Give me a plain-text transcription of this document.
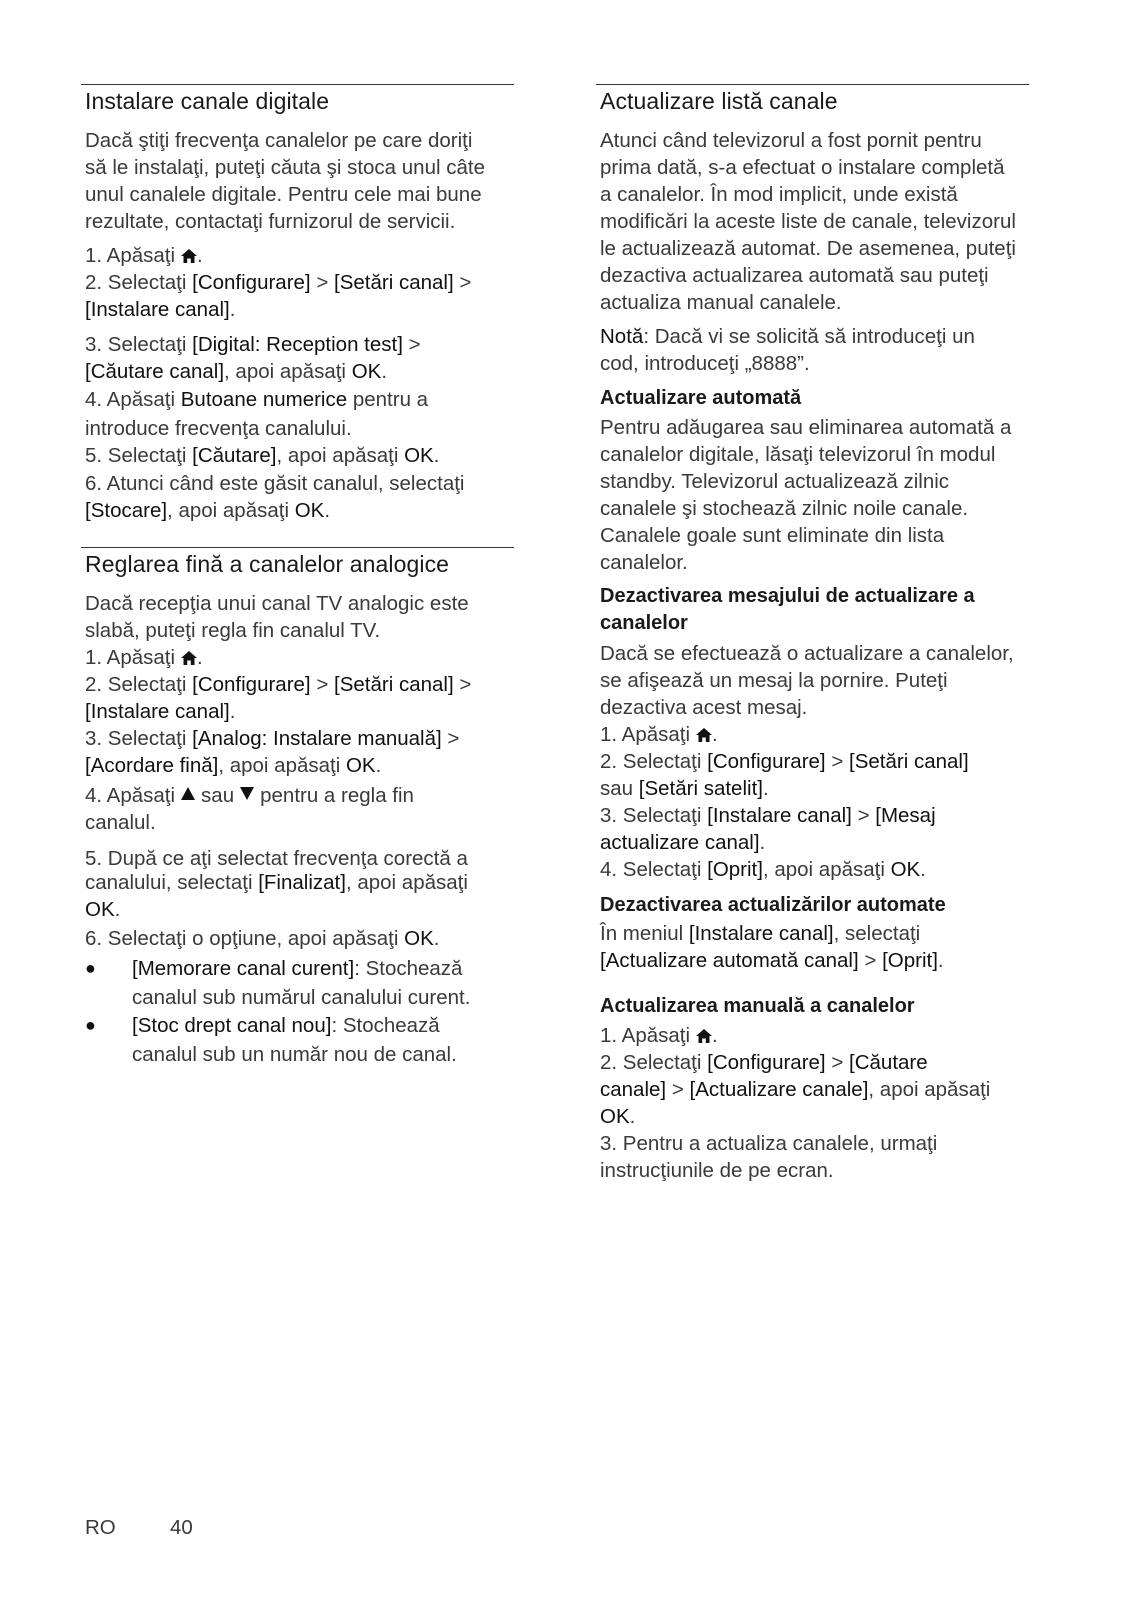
Instalare canale digitale

Dacă ştiţi frecvenţa canalelor pe care doriţi
să le instalaţi, puteţi căuta şi stoca unul câte
unul canalele digitale. Pentru cele mai bune
rezultate, contactaţi furnizorul de servicii.

1. Apăsaţi .
2. Selectaţi [Configurare] > [Setări canal] >
[Instalare canal].

3. Selectaţi [Digital: Reception test] >
[Căutare canal], apoi apăsaţi OK.

4. Apăsaţi Butoane numerice pentru a
introduce frecvenţa canalului.

5. Selectaţi [Căutare], apoi apăsaţi OK.

6. Atunci când este găsit canalul, selectaţi
[Stocare], apoi apăsaţi OK.

Reglarea fină a canalelor analogice

Dacă recepţia unui canal TV analogic este
slabă, puteţi regla fin canalul TV.

1. Apăsaţi .
2. Selectaţi [Configurare] > [Setări canal] >
[Instalare canal].
3. Selectaţi [Analog: Instalare manuală] >
[Acordare fină], apoi apăsaţi OK.

4. Apăsaţi sau pentru a regla fin
canalul.

5. După ce aţi selectat frecvenţa corectă a
canalului, selectaţi [Finalizat], apoi apăsaţi
OK.

6. Selectaţi o opţiune, apoi apăsaţi OK.

● [Memorare canal curent]: Stochează
canalul sub numărul canalului curent.
● [Stoc drept canal nou]: Stochează
canalul sub un număr nou de canal.
Actualizare listă canale

Atunci când televizorul a fost pornit pentru
prima dată, s-a efectuat o instalare completă
a canalelor. În mod implicit, unde există
modificări la aceste liste de canale, televizorul
le actualizează automat. De asemenea, puteţi
dezactiva actualizarea automată sau puteţi
actualiza manual canalele.

Notă: Dacă vi se solicită să introduceţi un
cod, introduceţi „8888”.

Actualizare automată

Pentru adăugarea sau eliminarea automată a
canalelor digitale, lăsaţi televizorul în modul
standby. Televizorul actualizează zilnic
canalele şi stochează zilnic noile canale.
Canalele goale sunt eliminate din lista
canalelor.

Dezactivarea mesajului de actualizare a
canalelor

Dacă se efectuează o actualizare a canalelor,
se afişează un mesaj la pornire. Puteţi
dezactiva acest mesaj.
1. Apăsaţi .
2. Selectaţi [Configurare] > [Setări canal]
sau [Setări satelit].
3. Selectaţi [Instalare canal] > [Mesaj
actualizare canal].
4. Selectaţi [Oprit], apoi apăsaţi OK.

Dezactivarea actualizărilor automate

În meniul [Instalare canal], selectaţi
[Actualizare automată canal] > [Oprit].

Actualizarea manuală a canalelor

1. Apăsaţi .
2. Selectaţi [Configurare] > [Căutare
canale] > [Actualizare canale], apoi apăsaţi
OK.
3. Pentru a actualiza canalele, urmaţi
instrucţiunile de pe ecran.

RO	40
